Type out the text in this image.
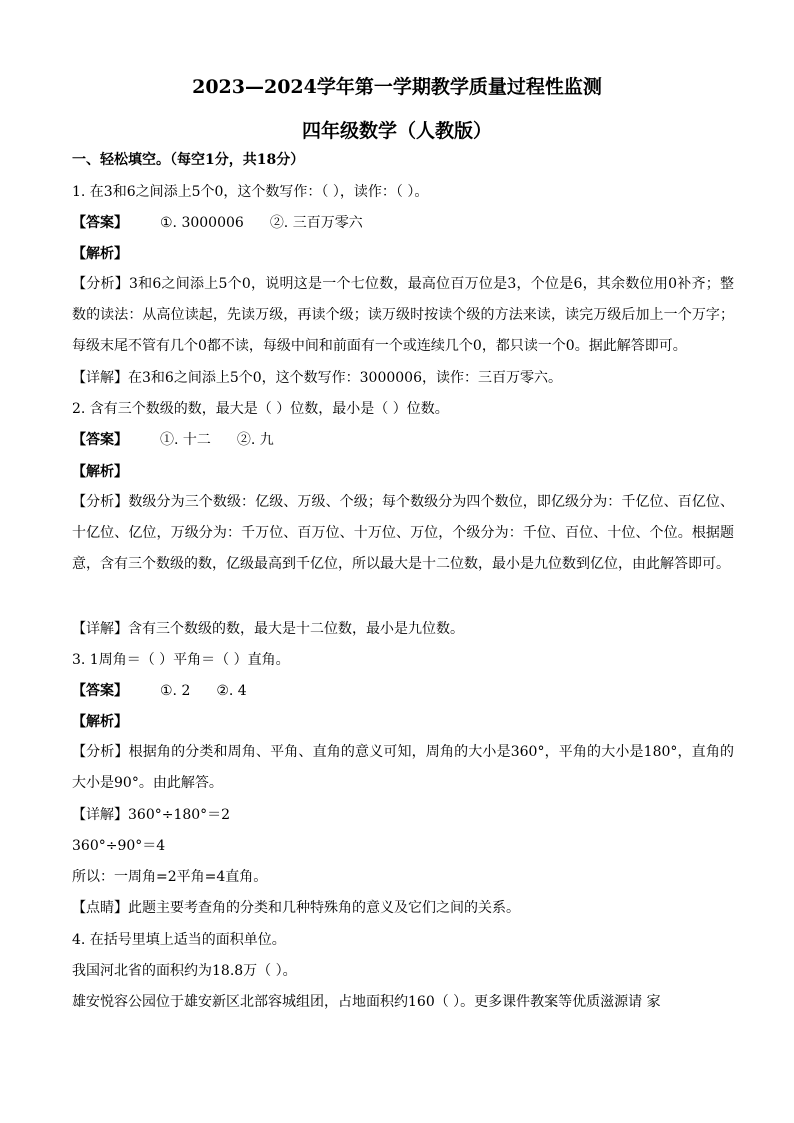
2023—2024学年第一学期教学质量过程性监测
四年级数学（人教版）
一、轻松填空。（每空1分，共18分）
1. 在3和6之间添上5个0，这个数写作：（ ），读作：（ ）。
【答案】 ①. 3000006 ②. 三百万零六
【解析】
【分析】3和6之间添上5个0，说明这是一个七位数，最高位百万位是3，个位是6，其余数位用0补齐；整数的读法：从高位读起，先读万级，再读个级；读万级时按读个级的方法来读，读完万级后加上一个万字；每级末尾不管有几个0都不读，每级中间和前面有一个或连续几个0，都只读一个0。据此解答即可。
【详解】在3和6之间添上5个0，这个数写作：3000006，读作：三百万零六。
2. 含有三个数级的数，最大是（ ）位数，最小是（ ）位数。
【答案】 ①. 十二 ②. 九
【解析】
【分析】数级分为三个数级：亿级、万级、个级；每个数级分为四个数位，即亿级分为：千亿位、百亿位、十亿位、亿位，万级分为：千万位、百万位、十万位、万位，个级分为：千位、百位、十位、个位。根据题意，含有三个数级的数，亿级最高到千亿位，所以最大是十二位数，最小是九位数到亿位，由此解答即可。
【详解】含有三个数级的数，最大是十二位数，最小是九位数。
3. 1周角＝（ ）平角＝（ ）直角。
【答案】 ①. 2 ②. 4
【解析】
【分析】根据角的分类和周角、平角、直角的意义可知，周角的大小是360°，平角的大小是180°，直角的大小是90°。由此解答。
【详解】360°÷180°＝2
360°÷90°＝4
所以：一周角=2平角=4直角。
【点睛】此题主要考查角的分类和几种特殊角的意义及它们之间的关系。
4. 在括号里填上适当的面积单位。
我国河北省的面积约为18.8万（ ）。
雄安悦容公园位于雄安新区北部容城组团，占地面积约160（ ）。更多课件教案等优质滋源请 家
